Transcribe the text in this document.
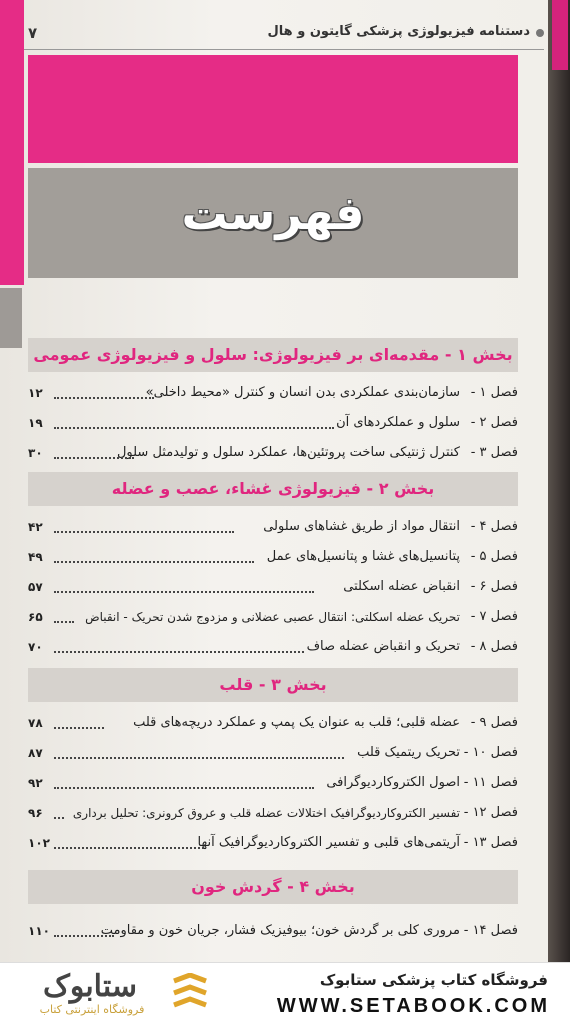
دستنامه فیزیولوژی پزشکی گایتون و هال
۷
فهرست
بخش ۱ - مقدمه‌ای بر فیزیولوژی: سلول و فیزیولوژی عمومی
فصل ۱ -
سازمان‌بندی عملکردی بدن انسان و کنترل «محیط داخلی»
۱۲
فصل ۲ -
سلول و عملکردهای آن
۱۹
فصل ۳ -
کنترل ژنتیکی ساخت پروتئین‌ها، عملکرد سلول و تولیدمثل سلول
۳۰
بخش ۲ - فیزیولوژی غشاء، عصب و عضله
فصل ۴ -
انتقال مواد از طریق غشاهای سلولی
۴۲
فصل ۵ -
پتانسیل‌های غشا و پتانسیل‌های عمل
۴۹
فصل ۶ -
انقباض عضله اسکلتی
۵۷
فصل ۷ -
تحریک عضله اسکلتی: انتقال عصبی عضلانی و مزدوج شدن تحریک - انقباض
۶۵
فصل ۸ -
تحریک و انقباض عضله صاف
۷۰
بخش ۳ - قلب
فصل ۹ -
عضله قلبی؛ قلب به عنوان یک پمپ و عملکرد دریچه‌های قلب
۷۸
فصل ۱۰ -
تحریک ریتمیک قلب
۸۷
فصل ۱۱ -
اصول الکتروکاردیوگرافی
۹۲
فصل ۱۲ -
تفسیر الکتروکاردیوگرافیک اختلالات عضله قلب و عروق کرونری: تحلیل برداری
۹۶
فصل ۱۳ -
آریتمی‌های قلبی و تفسیر الکتروکاردیوگرافیک آنها
۱۰۲
بخش ۴ - گردش خون
فصل ۱۴ -
مروری کلی بر گردش خون؛ بیوفیزیک فشار، جریان خون و مقاومت
۱۱۰
فروشگاه کتاب پزشکی ستابوک
WWW.SETABOOK.COM
ستابوک
فروشگاه اینترنتی کتاب
